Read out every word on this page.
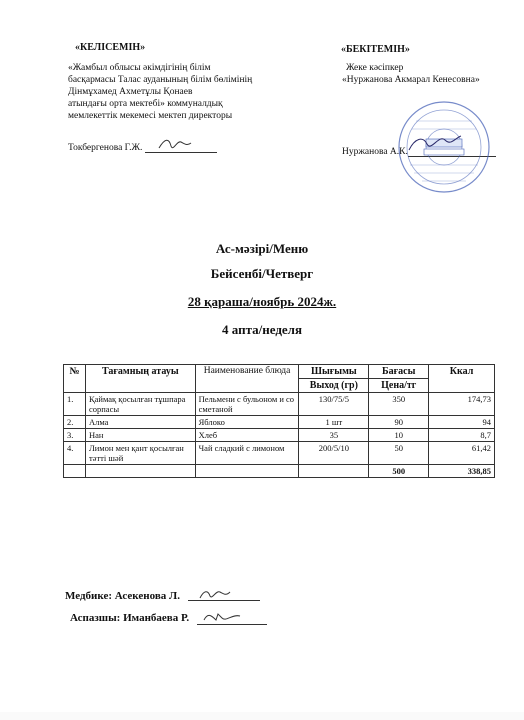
«КЕЛІСЕМІН»
«Жамбыл облысы әкімдігінің білім
басқармасы Талас ауданының білім бөлімінің
Дінмұхамед Ахметұлы Қонаев
атындағы орта мектебі» коммуналдық
мемлекеттік мекемесі мектеп директоры
Токбергенова Г.Ж.
«БЕКІТЕМІН»
Жеке кәсіпкер
«Нуржанова Акмарал Кенесовна»
Нуржанова А.К.
Ас-мәзірі/Меню
Бейсенбі/Четверг
28 қараша/ноябрь 2024ж.
4 апта/неделя
№	Тағамның атауы	Наименование блюда	Шығымы	Бағасы	Ккал
			Выход (гр)	Цена/тг	
1.	Қаймақ қосылған тұшпара сорпасы	Пельмени с бульоном и со сметаной	130/75/5	350	174,73
2.	Алма	Яблоко	1 шт	90	94
3.	Нан	Хлеб	35	10	8,7
4.	Лимон мен қант қосылған тәтті шәй	Чай сладкий с лимоном	200/5/10	50	61,42
				500	338,85
Медбике: Асекенова Л.
Аспазшы: Иманбаева Р.
